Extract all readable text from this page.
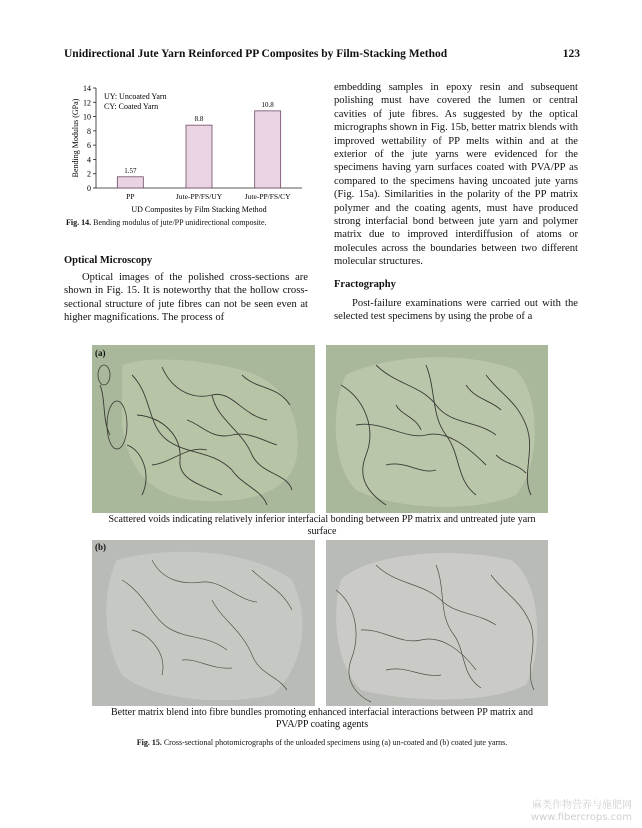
Unidirectional Jute Yarn Reinforced PP Composites by Film-Stacking Method	123
Bending Modulus (GPa)
UY: Uncoated Yarn
CY: Coated Yarn
UD Composites by Film Stacking Method
0
2
4
6
8
10
12
14
1.57
PP
8.8
Jute-PP/FS/UY
10.8
Jute-PP/FS/CY
Fig. 14. Bending modulus of jute/PP unidirectional composite.
Optical Microscopy
Optical images of the polished cross-sections are shown in Fig. 15. It is noteworthy that the hollow cross-sectional structure of jute fibres can not be seen even at higher magnifications. The process of
embedding samples in epoxy resin and subsequent polishing must have covered the lumen or central cavities of jute fibres. As suggested by the optical micrographs shown in Fig. 15b, better matrix blends with improved wettability of PP melts within and at the exterior of the jute yarns were evidenced for the specimens having yarn surfaces coated with PVA/PP as compared to the specimens having uncoated jute yarns (Fig. 15a). Similarities in the polarity of the PP matrix polymer and the coating agents, must have produced strong interfacial bond between jute yarn and polymer matrix due to improved interdiffusion of atoms or molecules across the boundaries between two different molecular structures.
Fractography
Post-failure examinations were carried out with the selected test specimens by using the probe of a
(a)
Scattered voids indicating relatively inferior interfacial bonding between PP matrix and untreated jute yarn surface
(b)
Better matrix blend into fibre bundles promoting enhanced interfacial interactions between PP matrix and PVA/PP coating agents
Fig. 15. Cross-sectional photomicrographs of the unloaded specimens using (a) un-coated and (b) coated jute yarns.
麻类作物营养与施肥网
www.fibercrops.com
